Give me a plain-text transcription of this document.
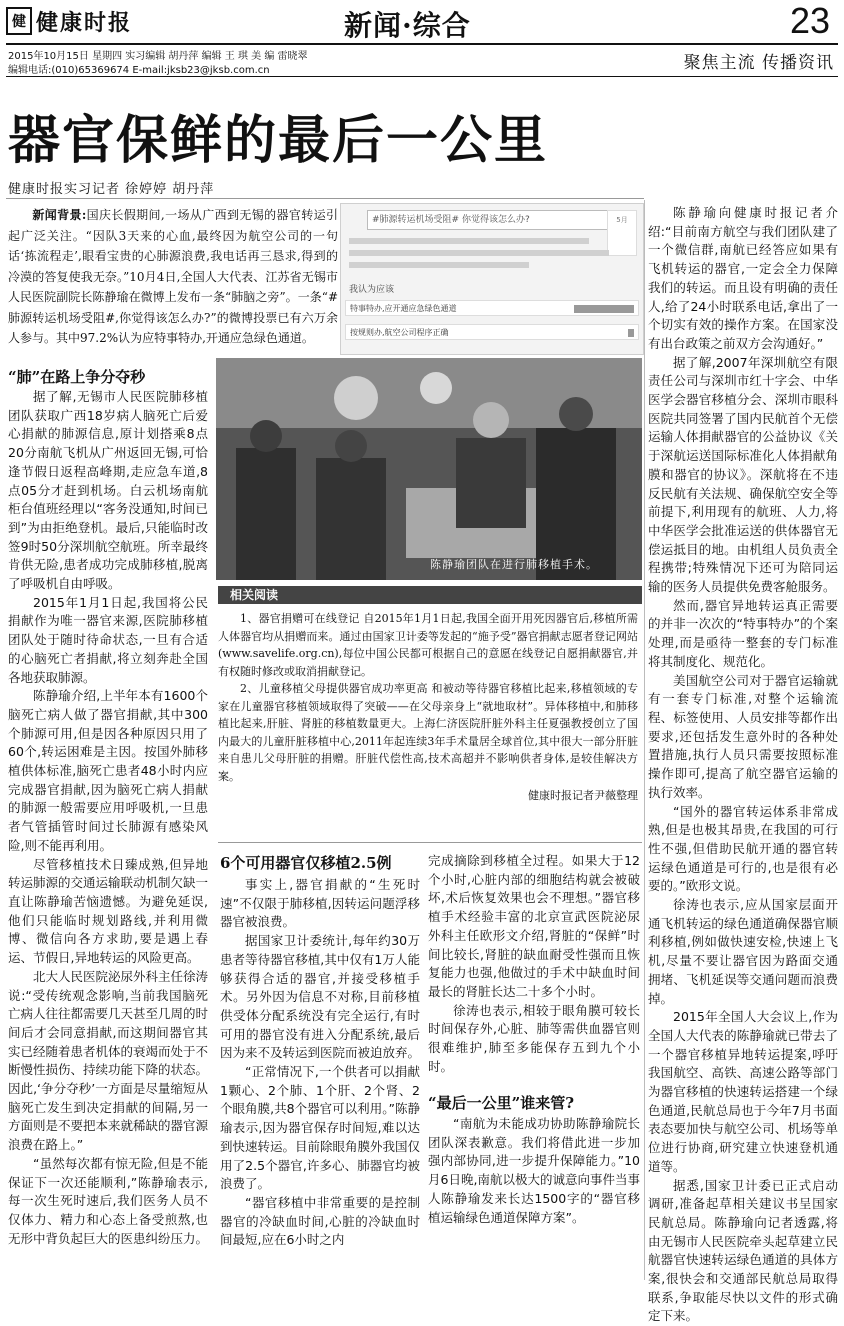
健 健康时报	新闻·综合	23
2015年10月15日 星期四 实习编辑 胡丹萍 编辑 王 琪 美 编 雷晓翠
编辑电话:(010)65369674 E-mail:jksb23@jksb.com.cn	聚焦主流 传播资讯
器官保鲜的最后一公里
健康时报实习记者 徐婷婷 胡丹萍
新闻背景:国庆长假期间,一场从广西到无锡的器官转运引起广泛关注。“因队3天来的心血,最终因为航空公司的一句话‘拣流程走’,眼看宝贵的心肺源浪费,我电话再三恳求,得到的冷漠的答复使我无奈。”10月4日,全国人大代表、江苏省无锡市人民医院副院长陈静瑜在微博上发布一条“肺脑之旁”。一条“#肺源转运机场受阻#,你觉得该怎么办?”的微博投票已有六万余人参与。其中97.2%认为应特事特办,开通应急绿色通道。
#肺源转运机场受阻# 你觉得该怎么办?	5月
我认为应该
特事特办,应开通应急绿色通道
按规则办,航空公司程序正确
“肺”在路上争分夺秒

据了解,无锡市人民医院肺移植团队获取广西18岁病人脑死亡后爱心捐献的肺源信息,原计划搭乘8点20分南航飞机从广州返回无锡,可恰逢节假日返程高峰期,走应急车道,8点05分才赶到机场。白云机场南航柜台值班经理以“客务没通知,时间已到”为由拒绝登机。最后,只能临时改签9时50分深圳航空航班。所幸最终肯供无险,患者成功完成肺移植,脱离了呼吸机自由呼吸。

2015年1月1日起,我国将公民捐献作为唯一器官来源,医院肺移植团队处于随时待命状态,一旦有合适的心脑死亡者捐献,将立刻奔赴全国各地获取肺源。

陈静瑜介绍,上半年本有1600个脑死亡病人做了器官捐献,其中300个肺源可用,但是因各种原因只用了60个,转运困难是主因。按国外肺移植供体标准,脑死亡患者48小时内应完成器官捐献,因为脑死亡病人捐献的肺源一般需要应用呼吸机,一旦患者气管插管时间过长肺源有感染风险,则不能再利用。

尽管移植技术日臻成熟,但异地转运肺源的交通运输联动机制欠缺一直让陈静瑜苦恼遗憾。为避免延误,他们只能临时规划路线,并利用微博、微信向各方求助,要是遇上春运、节假日,异地转运的风险更高。

北大人民医院泌尿外科主任徐涛说:“受传统观念影响,当前我国脑死亡病人往往都需要几天甚至几周的时间后才会同意捐献,而这期间器官其实已经随着患者机体的衰竭而处于不断慢性损伤、持续功能下降的状态。因此,‘争分夺秒’一方面是尽量缩短从脑死亡发生到决定捐献的间隔,另一方面则是不要把本来就稀缺的器官源浪费在路上。”

“虽然每次都有惊无险,但是不能保证下一次还能顺利,”陈静瑜表示,每一次生死时速后,我们医务人员不仅体力、精力和心态上备受煎熬,也无形中背负起巨大的医患纠纷压力。

陈静瑜团队在进行肺移植手术。
相关阅读

1、器官捐赠可在线登记 自2015年1月1日起,我国全面开用死因器官后,移植所需人体器官均从捐赠而来。通过由国家卫计委等发起的“施予受”器官捐献志愿者登记网站(www.savelife.org.cn),每位中国公民都可根据自己的意愿在线登记自愿捐献器官,并有权随时修改或取消捐献登记。

2、儿童移植父母提供器官成功率更高 和被动等待器官移植比起来,移植领域的专家在儿童器官移植领域取得了突破——在父母亲身上“就地取材”。异体移植中,和肺移植比起来,肝脏、肾脏的移植数量更大。上海仁济医院肝脏外科主任夏强教授创立了国内最大的儿童肝脏移植中心,2011年起连续3年手术量居全球首位,其中很大一部分肝脏来自患儿父母肝脏的捐赠。肝脏代偿性高,技术高超并不影响供者身体,是较佳解决方案。

健康时报记者尹薇整理

6个可用器官仅移植2.5例

事实上,器官捐献的“生死时速”不仅限于肺移植,因转运问题浮移器官被浪费。

据国家卫计委统计,每年约30万患者等待器官移植,其中仅有1万人能够获得合适的器官,并接受移植手术。另外因为信息不对称,目前移植供受体分配系统没有完全运行,有时可用的器官没有进入分配系统,最后因为来不及转运到医院而被迫放弃。

“正常情况下,一个供者可以捐献1颗心、2个肺、1个肝、2个肾、2个眼角膜,共8个器官可以利用。”陈静瑜表示,因为器官保存时间短,难以达到快速转运。目前除眼角膜外我国仅用了2.5个器官,许多心、肺器官均被浪费了。

“器官移植中非常重要的是控制器官的冷缺血时间,心脏的冷缺血时间最短,应在6小时之内

完成摘除到移植全过程。如果大于12个小时,心脏内部的细胞结构就会被破坏,术后恢复效果也会不理想。”器官移植手术经验丰富的北京宣武医院泌尿外科主任欧形文介绍,肾脏的“保鲜”时间比较长,肾脏的缺血耐受性强而且恢复能力也强,他做过的手术中缺血时间最长的肾脏长达二十多个小时。

徐涛也表示,相较于眼角膜可较长时间保存外,心脏、肺等需供血器官则很难维护,肺至多能保存五到九个小时。

“最后一公里”谁来管?

“南航为未能成功协助陈静瑜院长团队深表歉意。我们将借此进一步加强内部协同,进一步提升保障能力。”10月6日晚,南航以极大的诚意向事件当事人陈静瑜发来长达1500字的“器官移植运输绿色通道保障方案”。

陈静瑜向健康时报记者介绍:“目前南方航空与我们团队建了一个微信群,南航已经答应如果有飞机转运的器官,一定会全力保障我们的转运。而且设有明确的责任人,给了24小时联系电话,拿出了一个切实有效的操作方案。在国家没有出台政策之前双方会沟通好。”

据了解,2007年深圳航空有限责任公司与深圳市红十字会、中华医学会器官移植分会、深圳市眼科医院共同签署了国内民航首个无偿运输人体捐献器官的公益协议《关于深航运送国际标准化人体捐献角膜和器官的协议》。深航将在不违反民航有关法规、确保航空安全等前提下,利用现有的航班、人力,将中华医学会批准运送的供体器官无偿运抵目的地。由机组人员负责全程携带;特殊情况下还可为陪同运输的医务人员提供免费客舱服务。

然而,器官异地转运真正需要的并非一次次的“特事特办”的个案处理,而是亟待一整套的专门标准将其制度化、规范化。

美国航空公司对于器官运输就有一套专门标准,对整个运输流程、标签使用、人员安排等都作出要求,还包括发生意外时的各种处置措施,执行人员只需要按照标准操作即可,提高了航空器官运输的执行效率。

“国外的器官转运体系非常成熟,但是也极其昂贵,在我国的可行性不强,但借助民航开通的器官转运绿色通道是可行的,也是很有必要的。”欧形文说。

徐涛也表示,应从国家层面开通飞机转运的绿色通道确保器官顺利移植,例如做快速安检,快速上飞机,尽量不要让器官因为路面交通拥堵、飞机延误等交通问题而浪费掉。

2015年全国人大会议上,作为全国人大代表的陈静瑜就已带去了一个器官移植异地转运提案,呼吁我国航空、高铁、高速公路等部门为器官移植的快速转运搭建一个绿色通道,民航总局也于今年7月书面表态要加快与航空公司、机场等单位进行协商,研究建立快速登机通道等。

据悉,国家卫计委已正式启动调研,准备起草相关建议书呈国家民航总局。陈静瑜向记者透露,将由无锡市人民医院牵头起草建立民航器官快速转运绿色通道的具体方案,很快会和交通部民航总局取得联系,争取能尽快以文件的形式确定下来。
